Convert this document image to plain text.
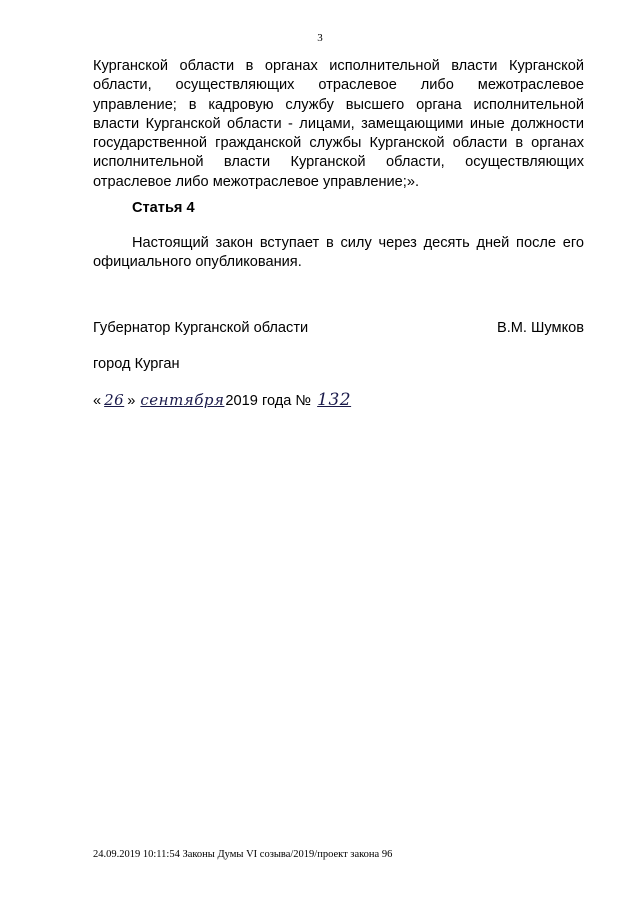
3

Курганской области в органах исполнительной власти Курганской области, осуществляющих отраслевое либо межотраслевое управление; в кадровую службу высшего органа исполнительной власти Курганской области - лицами, замещающими иные должности государственной гражданской службы Курганской области в органах исполнительной власти Курганской области, осуществляющих отраслевое либо межотраслевое управление;».

Статья 4
Настоящий закон вступает в силу через десять дней после его официального опубликования.
Губернатор Курганской области	В.М. Шумков
город Курган
« 26 » сентября2019 года № 132
24.09.2019 10:11:54 Законы Думы VI созыва/2019/проект закона 96
